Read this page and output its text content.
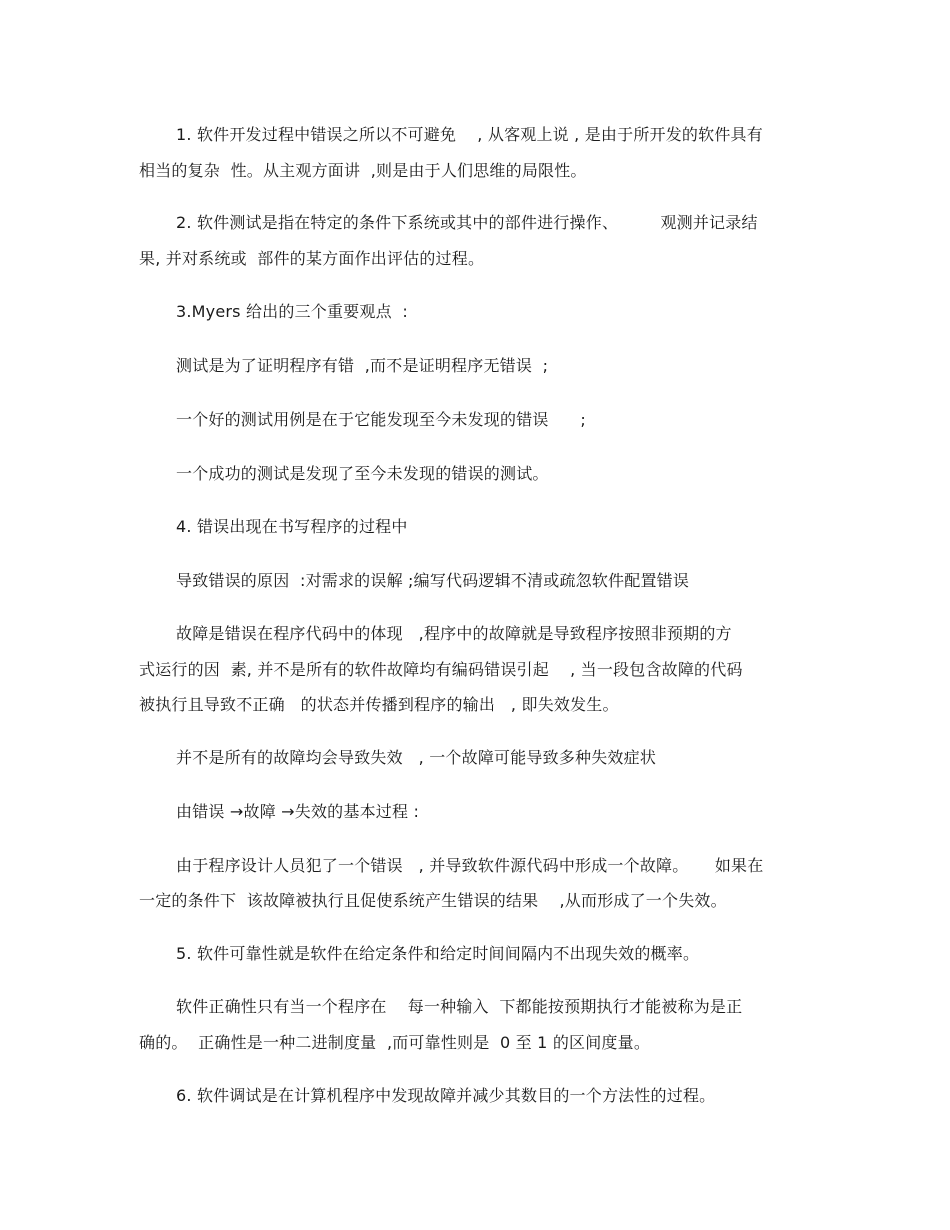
1. 软件开发过程中错误之所以不可避免    , 从客观上说 , 是由于所开发的软件具有
相当的复杂  性。从主观方面讲  ,则是由于人们思维的局限性。
2. 软件测试是指在特定的条件下系统或其中的部件进行操作、        观测并记录结
果, 并对系统或  部件的某方面作出评估的过程。
3.Myers 给出的三个重要观点  :
测试是为了证明程序有错  ,而不是证明程序无错误  ;
一个好的测试用例是在于它能发现至今未发现的错误      ;
一个成功的测试是发现了至今未发现的错误的测试。
4. 错误出现在书写程序的过程中
导致错误的原因  :对需求的误解 ;编写代码逻辑不清或疏忽软件配置错误
故障是错误在程序代码中的体现   ,程序中的故障就是导致程序按照非预期的方
式运行的因  素, 并不是所有的软件故障均有编码错误引起    , 当一段包含故障的代码
被执行且导致不正确   的状态并传播到程序的输出   , 即失效发生。
并不是所有的故障均会导致失效   , 一个故障可能导致多种失效症状
由错误 →故障 →失效的基本过程 :
由于程序设计人员犯了一个错误   , 并导致软件源代码中形成一个故障。     如果在
一定的条件下  该故障被执行且促使系统产生错误的结果    ,从而形成了一个失效。
5. 软件可靠性就是软件在给定条件和给定时间间隔内不出现失效的概率。
软件正确性只有当一个程序在    每一种输入  下都能按预期执行才能被称为是正
确的。  正确性是一种二进制度量  ,而可靠性则是  0 至 1 的区间度量。
6. 软件调试是在计算机程序中发现故障并减少其数目的一个方法性的过程。
